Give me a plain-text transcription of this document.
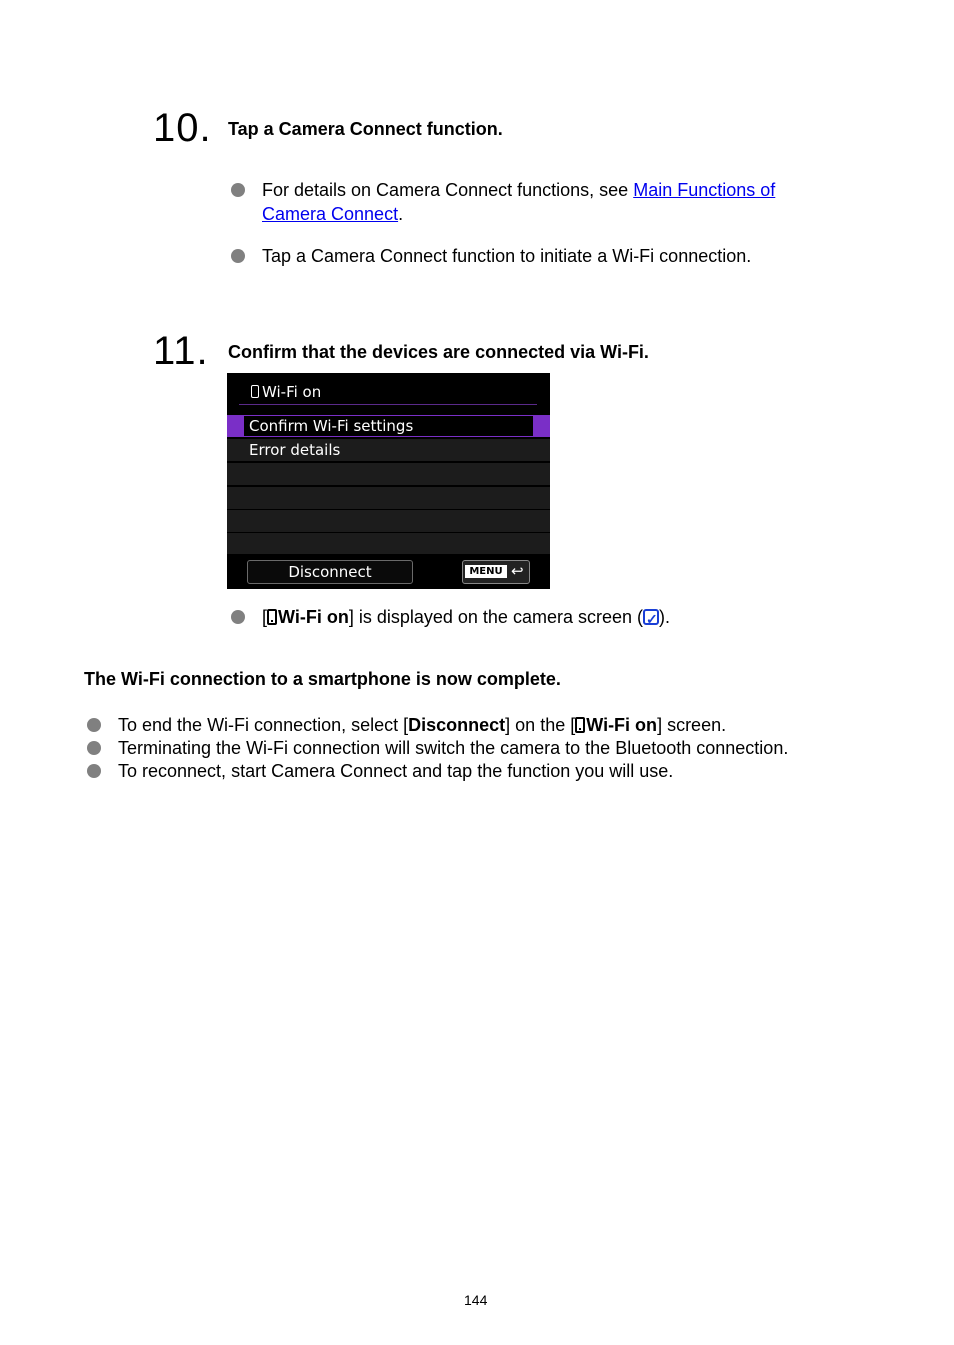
10. Tap a Camera Connect function.
For details on Camera Connect functions, see Main Functions of
Camera Connect.
Tap a Camera Connect function to initiate a Wi-Fi connection.
11. Confirm that the devices are connected via Wi-Fi.
Wi-Fi on
Confirm Wi-Fi settings
Error details
Disconnect	MENU ↩
[ Wi-Fi on] is displayed on the camera screen (✓ ).
The Wi-Fi connection to a smartphone is now complete.
To end the Wi-Fi connection, select [Disconnect] on the [ Wi-Fi on] screen.
Terminating the Wi-Fi connection will switch the camera to the Bluetooth connection.
To reconnect, start Camera Connect and tap the function you will use.
144
